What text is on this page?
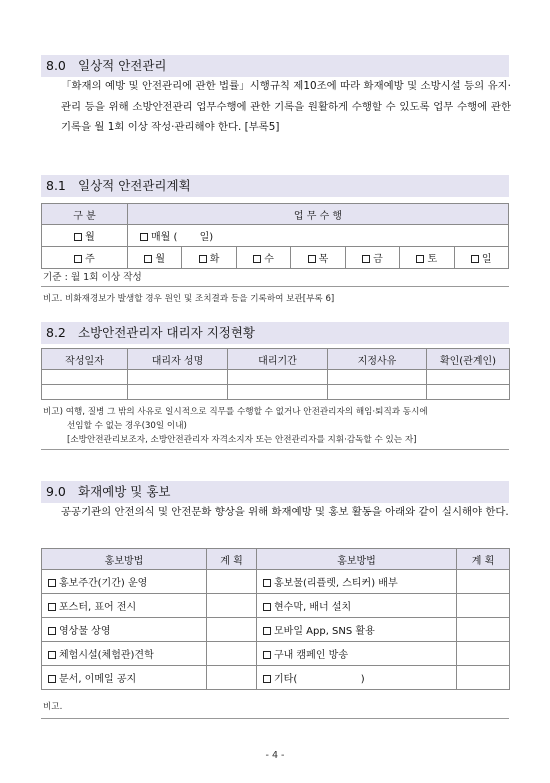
8.0 일상적 안전관리
「화재의 예방 및 안전관리에 관한 법률」시행규칙 제10조에 따라 화재예방 및 소방시설 등의 유지·관리 등을 위해 소방안전관리 업무수행에 관한 기록을 원활하게 수행할 수 있도록 업무 수행에 관한 기록을 월 1회 이상 작성·관리해야 한다. [부록5]
8.1 일상적 안전관리계획
구 분	업 무 수 행						
월	매월 (       일)						
주	월	화	수	목	금	토	일
기준 : 월 1회 이상 작성
비고. 비화재경보가 발생할 경우 원인 및 조치결과 등을 기록하여 보관[부록 6]
8.2 소방안전관리자 대리자 지정현황
작성일자	대리자 성명	대리기간	지정사유	확인(관계인)

비고) 여행, 질병 그 밖의 사유로 일시적으로 직무를 수행할 수 없거나 안전관리자의 해임·퇴직과 동시에
선임할 수 없는 경우(30일 이내)
[소방안전관리보조자, 소방안전관리자 자격소지자 또는 안전관리자를 지휘·감독할 수 있는 자]
9.0 화재예방 및 홍보
공공기관의 안전의식 및 안전문화 향상을 위해 화재예방 및 홍보 활동을 아래와 같이 실시해야 한다.
홍보방법	계 획	홍보방법	계 획
홍보주간(기간) 운영		홍보물(리플렛, 스티커) 배부	
포스터, 표어 전시		현수막, 배너 설치	
영상물 상영		모바일 App, SNS 활용	
체험시설(체험관)견학		구내 캠페인 방송	
문서, 이메일 공지		기타(                    )	
비고.
- 4 -
